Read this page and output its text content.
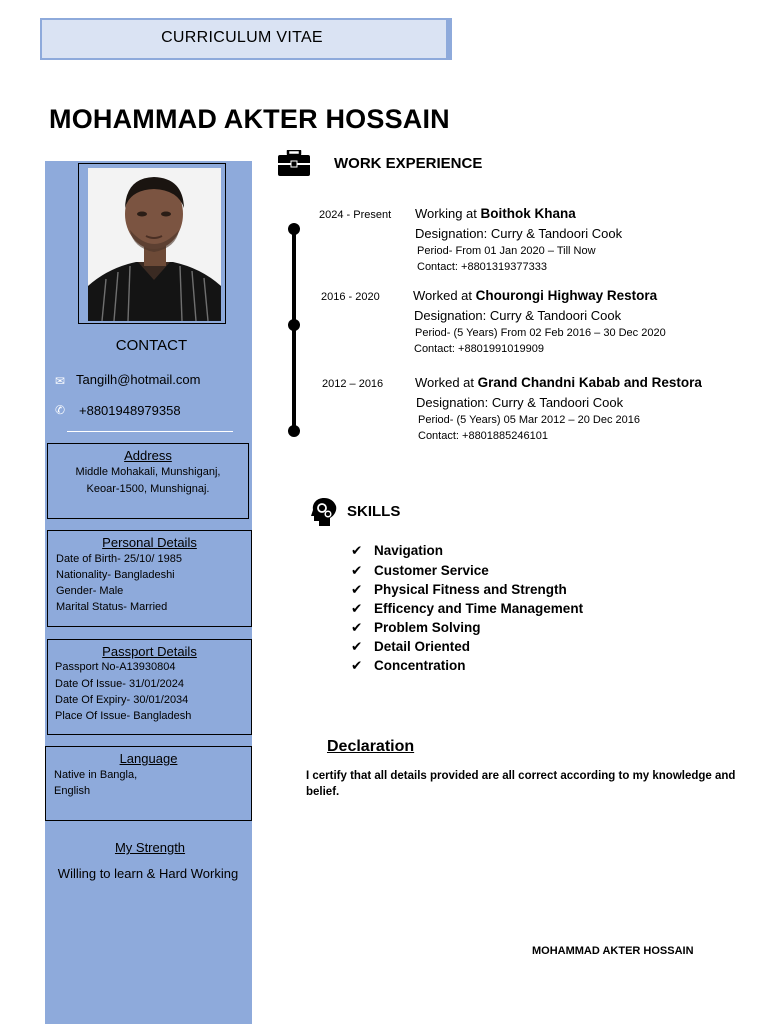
CURRICULUM VITAE
MOHAMMAD AKTER HOSSAIN
CONTACT
✉ Tangilh@hotmail.com
✆ +8801948979358
Address
Middle Mohakali, Munshiganj,
Keoar-1500, Munshignaj.
Personal Details
Date of Birth- 25/10/ 1985
Nationality- Bangladeshi
Gender- Male
Marital Status- Married
Passport Details
Passport No-A13930804
Date Of Issue- 31/01/2024
Date Of Expiry- 30/01/2034
Place Of Issue- Bangladesh
Language
Native in Bangla,
English
My Strength
Willing to learn & Hard Working
WORK EXPERIENCE
2024 - Present Working at Boithok Khana
Designation: Curry & Tandoori Cook
Period- From 01 Jan 2020 – Till Now
Contact: +8801319377333
2016 - 2020	Worked at Chourongi Highway Restora
Designation: Curry & Tandoori Cook
Period- (5 Years) From 02 Feb 2016 – 30 Dec 2020
Contact: +8801991019909
2012 – 2016 Worked at Grand Chandni Kabab and Restora
Designation: Curry & Tandoori Cook
Period- (5 Years) 05 Mar 2012 – 20 Dec 2016
Contact: +8801885246101
SKILLS
✔ Navigation
✔ Customer Service
✔ Physical Fitness and Strength
✔ Efficency and Time Management
✔ Problem Solving
✔ Detail Oriented
✔ Concentration
Declaration
I certify that all details provided are all correct according to my knowledge and belief.
MOHAMMAD AKTER HOSSAIN
